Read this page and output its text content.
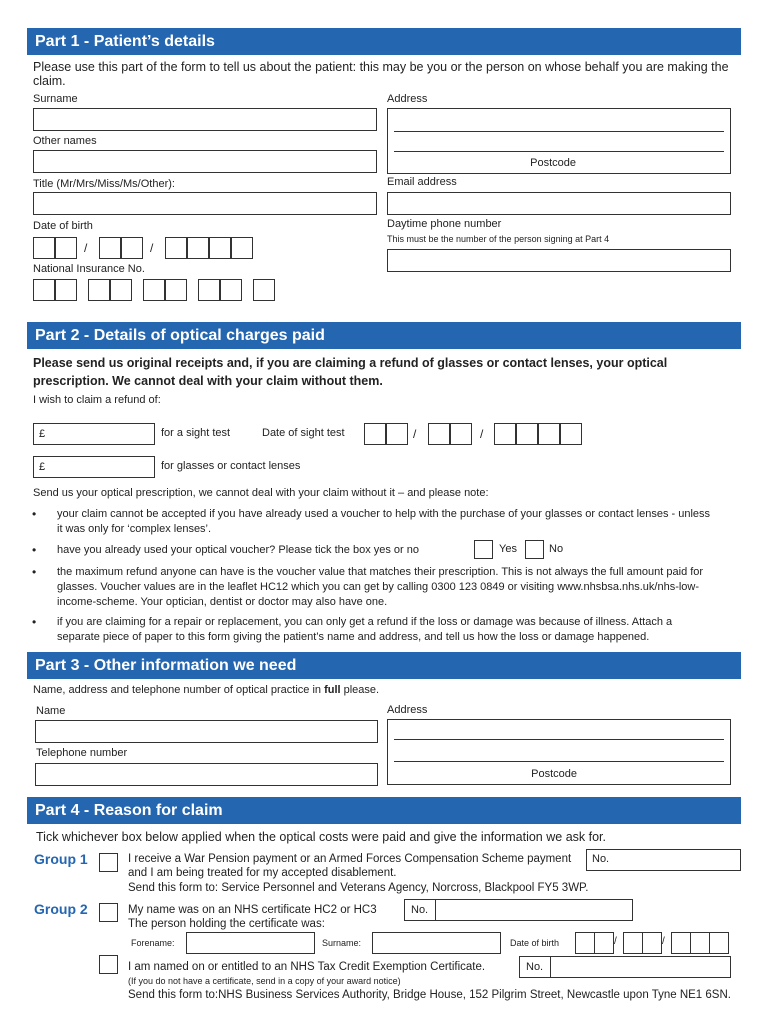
Part 1 - Patient’s details
Please use this part of the form to tell us about the patient: this may be you or the person on whose behalf you are making the claim.
Surname	Address
Postcode
Other names
Title (Mr/Mrs/Miss/Ms/Other):	Email address
Date of birth
/	/
Daytime phone number
This must be the number of the person signing at Part 4
National Insurance No.
Part 2 - Details of optical charges paid
Please send us original receipts and, if you are claiming a refund of glasses or contact lenses, your optical prescription. We cannot deal with your claim without them.
I wish to claim a refund of:
£	for a sight test	Date of sight test	/	/
£	for glasses or contact lenses
Send us your optical prescription, we cannot deal with your claim without it – and please note:
• your claim cannot be accepted if you have already used a voucher to help with the purchase of your glasses or contact lenses - unless it was only for ‘complex lenses’.
• have you already used your optical voucher? Please tick the box yes or no	Yes	No
• the maximum refund anyone can have is the voucher value that matches their prescription. This is not always the full amount paid for glasses. Voucher values are in the leaflet HC12 which you can get by calling 0300 123 0849 or visiting www.nhsbsa.nhs.uk/nhs-low-income-scheme. Your optician, dentist or doctor may also have one.
• if you are claiming for a repair or replacement, you can only get a refund if the loss or damage was because of illness. Attach a separate piece of paper to this form giving the patient’s name and address, and tell us how the loss or damage happened.
Part 3 - Other information we need
Name, address and telephone number of optical practice in full please.
Name	Address
Postcode
Telephone number
Part 4 - Reason for claim
Tick whichever box below applied when the optical costs were paid and give the information we ask for.
Group 1	I receive a War Pension payment or an Armed Forces Compensation Scheme payment No.
and I am being treated for my accepted disablement.
Send this form to: Service Personnel and Veterans Agency, Norcross, Blackpool FY5 3WP.
Group 2	My name was on an NHS certificate HC2 or HC3	No.
The person holding the certificate was:
Forename:	Surname:	Date of birth	/	/
I am named on or entitled to an NHS Tax Credit Exemption Certificate.	No.
(If you do not have a certificate, send in a copy of your award notice)
Send this form to:NHS Business Services Authority, Bridge House, 152 Pilgrim Street, Newcastle upon Tyne NE1 6SN.
